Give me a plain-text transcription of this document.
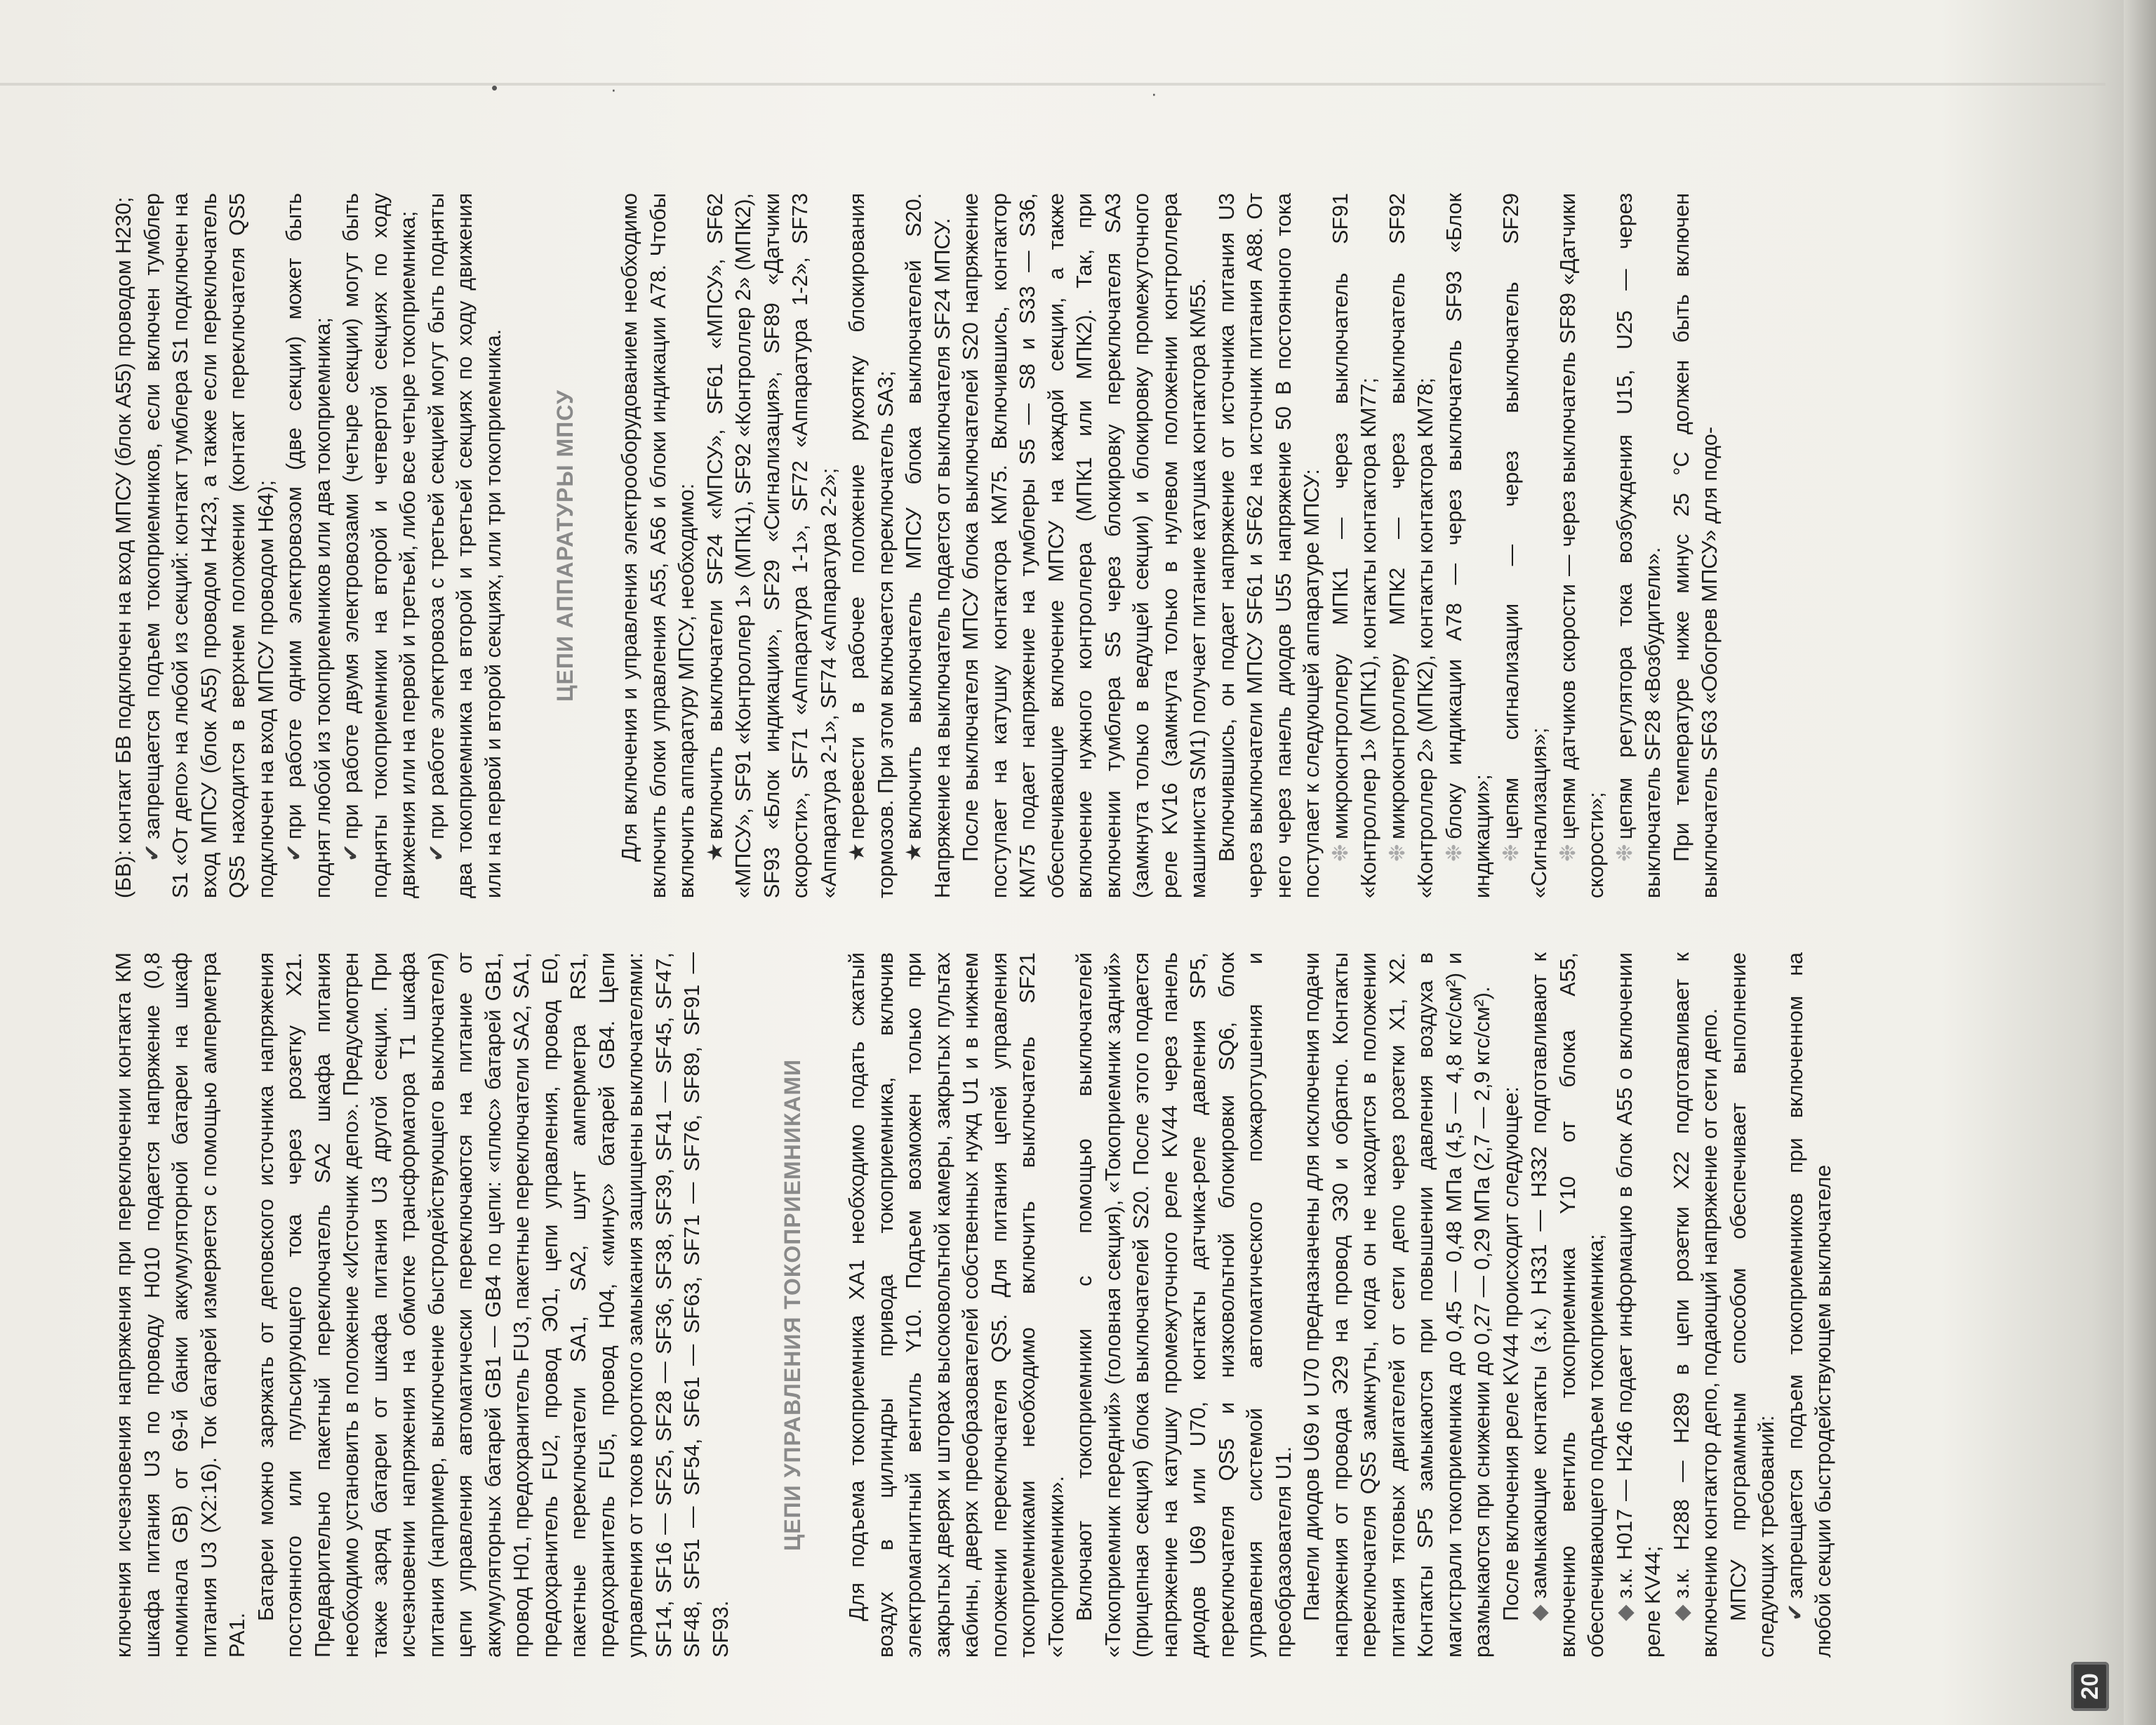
•	·	·

ключения исчезновения напряжения при переключении контакта КМ шкафа питания U3 по проводу Н010 подается напряжение (0,8 номинала GB) от 69-й банки аккумуляторной батареи на шкаф питания U3 (Х2:16). Ток батарей измеряется с помощью амперметра РА1.

Батареи можно заряжать от деповского источника напряжения постоянного или пульсирующего тока через розетку Х21. Предварительно пакетный переключатель SA2 шкафа питания необходимо установить в положение «Источник депо». Предусмотрен также заряд батареи от шкафа питания U3 другой секции. При исчезновении напряжения на обмотке трансформатора Т1 шкафа питания (например, выключение быстродействующего выключателя) цепи управления автоматически переключаются на питание от аккумуляторных батарей GB1 — GB4 по цепи: «плюс» батарей GB1, провод Н01, предохранитель FU3, пакетные переключатели SA2, SA1, предохранитель FU2, провод Э01, цепи управления, провод Е0, пакетные переключатели SA1, SA2, шунт амперметра RS1, предохранитель FU5, провод Н04, «минус» батарей GB4. Цепи управления от токов короткого замыкания защищены выключателями: SF14, SF16 — SF25, SF28 — SF36, SF38, SF39, SF41 — SF45, SF47, SF48, SF51 — SF54, SF61 — SF63, SF71 — SF76, SF89, SF91 — SF93.

ЦЕПИ УПРАВЛЕНИЯ ТОКОПРИЕМНИКАМИ Для подъема токоприемника ХА1 необходимо подать сжатый воздух в цилиндры привода токоприемника, включив электромагнитный вентиль Y10. Подъем возможен только при закрытых дверях и шторах высоковольтной камеры, закрытых пультах кабины, дверях преобразователей собственных нужд U1 и в нижнем положении переключателя QS5. Для питания цепей управления токоприемниками необходимо включить выключатель SF21 «Токоприемники». Включают токоприемники с помощью выключателей «Токоприемник передний» (головная секция), «Токоприемник задний» (прицепная секция) блока выключателей S20. После этого подается напряжение на катушку промежуточного реле KV44 через панель диодов U69 или U70, контакты датчика-реле давления SP5, переключателя QS5 и низковольтной блокировки SQ6, блок управления системой автоматического пожаротушения и преобразователя U1. Панели диодов U69 и U70 предназначены для исключения подачи напряжения от провода Э29 на провод Э30 и обратно. Контакты переключателя QS5 замкнуты, когда он не находится в положении питания тяговых двигателей от сети депо через розетки Х1, Х2. Контакты SP5 замыкаются при повышении давления воздуха в магистрали токоприемника до 0,45 — 0,48 МПа (4,5 — 4,8 кгс/см²) и размыкаются при снижении до 0,27 — 0,29 МПа (2,7 — 2,9 кгс/см²). После включения реле KV44 происходит следующее: ◆замыкающие контакты (з.к.) Н331 — Н332 подготавливают к включению вентиль токоприемника Y10 от блока А55, обеспечивающего подъем токоприемника; ◆з.к. Н017 — Н246 подает информацию в блок А55 о включении реле KV44; ◆з.к. Н288 — Н289 в цепи розетки Х22 подготавливает к включению контактор депо, подающий напряжение от сети депо. МПСУ программным способом обеспечивает выполнение следующих требований: ✔запрещается подъем токоприемников при включенном на любой секции быстродействующем выключателе

(БВ): контакт БВ подключен на вход МПСУ (блок А55) проводом Н230; ✔запрещается подъем токоприемников, если включен тумблер S1 «От депо» на любой из секций: контакт тумблера S1 подключен на вход МПСУ (блок А55) проводом Н423, а также если переключатель QS5 находится в верхнем положении (контакт переключателя QS5 подключен на вход МПСУ проводом Н64); ✔при работе одним электровозом (две секции) может быть поднят любой из токоприемников или два токоприемника; ✔при работе двумя электровозами (четыре секции) могут быть подняты токоприемники на второй и четвертой секциях по ходу движения или на первой и третьей, либо все четыре токоприемника; ✔при работе электровоза с третьей секцией могут быть подняты два токоприемника на второй и третьей секциях по ходу движения или на первой и второй секциях, или три токоприемника. ЦЕПИ АППАРАТУРЫ МПСУ Для включения и управления электрооборудованием необходимо включить блоки управления А55, А56 и блоки индикации А78. Чтобы включить аппаратуру МПСУ, необходимо: ★включить выключатели SF24 «МПСУ», SF61 «МПСУ», SF62 «МПСУ», SF91 «Контроллер 1» (МПК1), SF92 «Контроллер 2» (МПК2), SF93 «Блок индикации», SF29 «Сигнализация», SF89 «Датчики скорости», SF71 «Аппаратура 1-1», SF72 «Аппаратура 1-2», SF73 «Аппаратура 2-1», SF74 «Аппаратура 2-2»; ★перевести в рабочее положение рукоятку блокирования тормозов. При этом включается переключатель SA3; ★включить выключатель МПСУ блока выключателей S20. Напряжение на выключатель подается от выключателя SF24 МПСУ. После выключателя МПСУ блока выключателей S20 напряжение поступает на катушку контактора КМ75. Включившись, контактор КМ75 подает напряжение на тумблеры S5 — S8 и S33 — S36, обеспечивающие включение МПСУ на каждой секции, а также включение нужного контроллера (МПК1 или МПК2). Так, при включении тумблера S5 через блокировку переключателя SA3 (замкнута только в ведущей секции) и блокировку промежуточного реле KV16 (замкнута только в нулевом положении контроллера машиниста SM1) получает питание катушка контактора КМ55. Включившись, он подает напряжение от источника питания U3 через выключатели МПСУ SF61 и SF62 на источник питания А88. От него через панель диодов U55 напряжение 50 В постоянного тока поступает к следующей аппаратуре МПСУ: ❉микроконтроллеру МПК1 — через выключатель SF91 «Контроллер 1» (МПК1), контакты контактора КМ77; ❉микроконтроллеру МПК2 — через выключатель SF92 «Контроллер 2» (МПК2), контакты контактора КМ78; ❉блоку индикации А78 — через выключатель SF93 «Блок индикации»; ❉цепям сигнализации — через выключатель SF29 «Сигнализация»; ❉цепям датчиков скорости — через выключатель SF89 «Датчики скорости»; ❉цепям регулятора тока возбуждения U15, U25 — через выключатель SF28 «Возбудители». При температуре ниже минус 25 °С должен быть включен выключатель SF63 «Обогрев МПСУ» для подо-

20
